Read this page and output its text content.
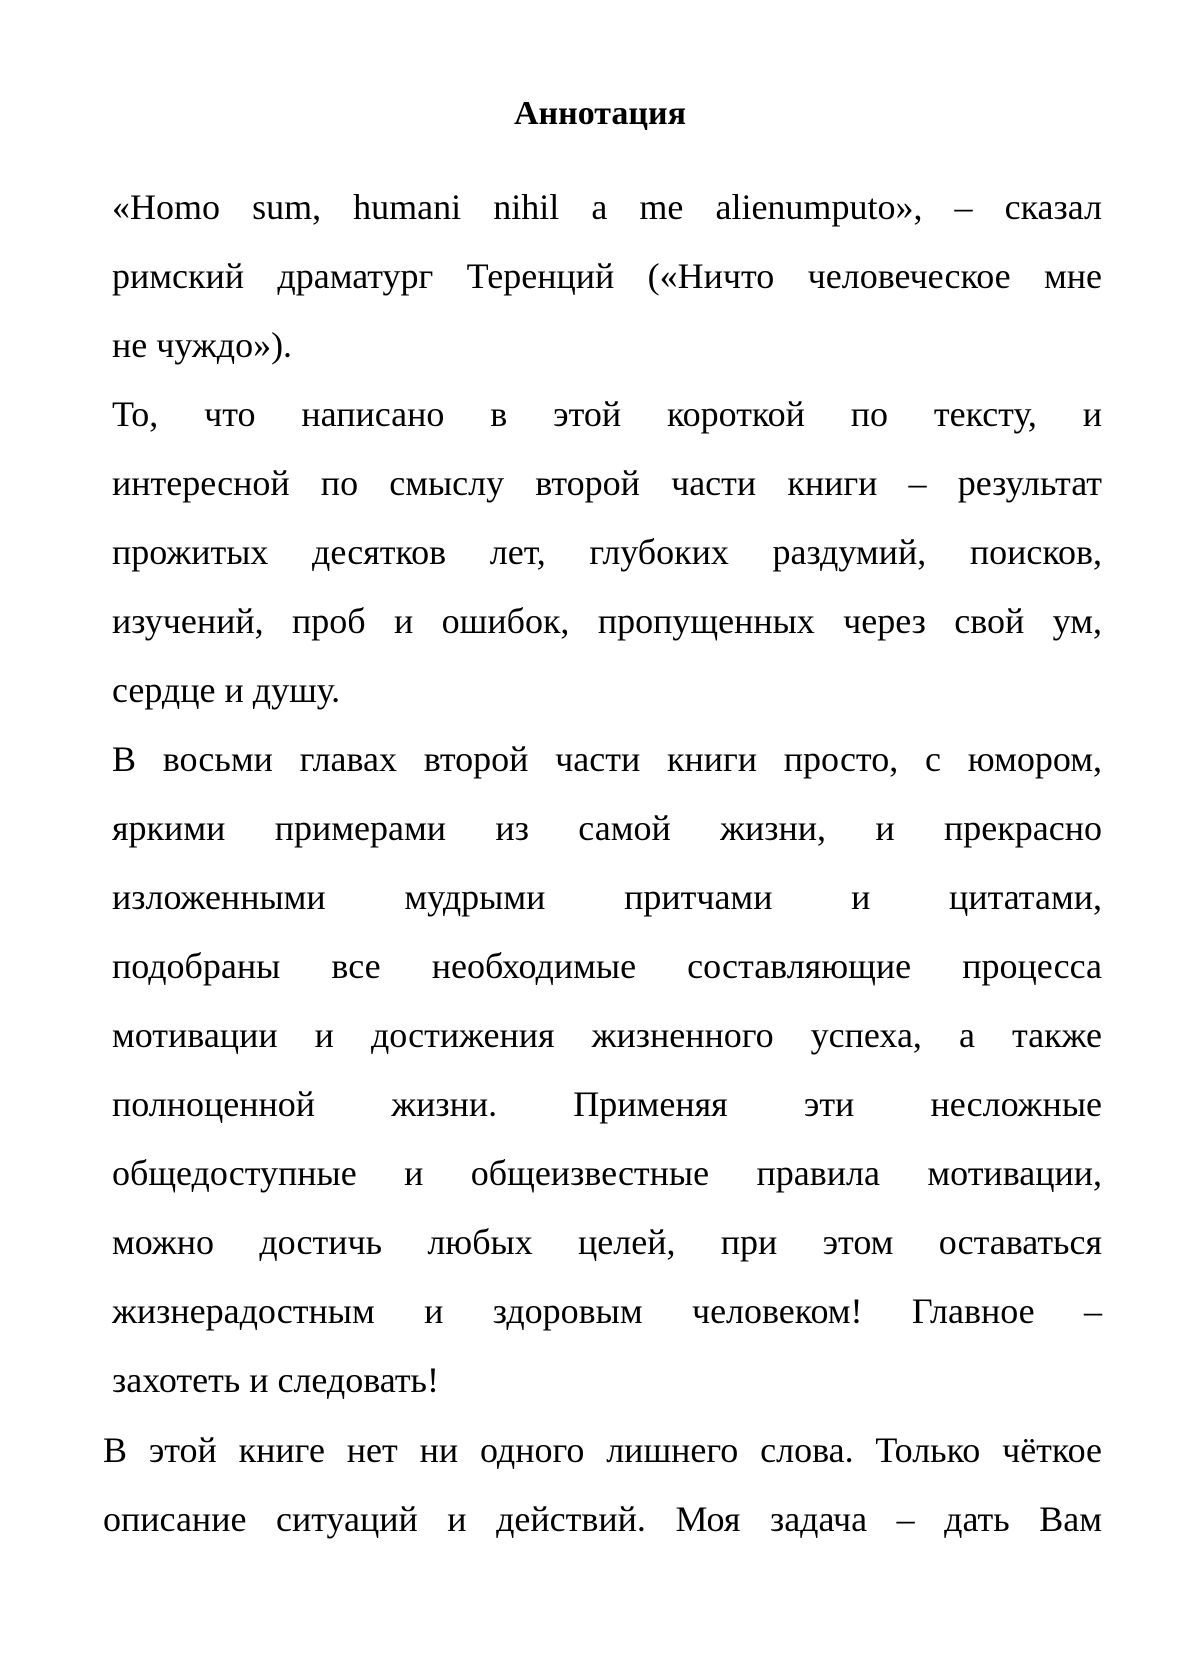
Аннотация
«Homo sum, humani nihil a me alienumputo», – сказал
римский драматург Теренций («Ничто человеческое мне
не чуждо»).
То, что написано в этой короткой по тексту, и
интересной по смыслу второй части книги – результат
прожитых десятков лет, глубоких раздумий, поисков,
изучений, проб и ошибок, пропущенных через свой ум,
сердце и душу.
В восьми главах второй части книги просто, с юмором,
яркими примерами из самой жизни, и прекрасно
изложенными мудрыми притчами и цитатами,
подобраны все необходимые составляющие процесса
мотивации и достижения жизненного успеха, а также
полноценной жизни. Применяя эти несложные
общедоступные и общеизвестные правила мотивации,
можно достичь любых целей, при этом оставаться
жизнерадостным и здоровым человеком! Главное –
захотеть и следовать!
В этой книге нет ни одного лишнего слова. Только чёткое
описание ситуаций и действий. Моя задача – дать Вам
